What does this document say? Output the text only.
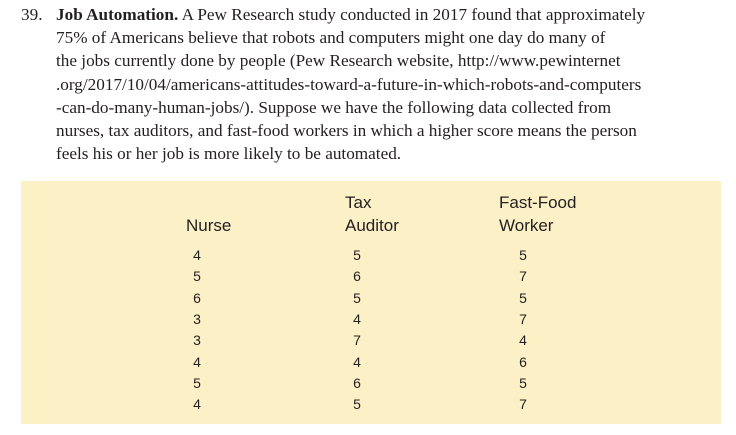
39. Job Automation. A Pew Research study conducted in 2017 found that approximately
75% of Americans believe that robots and computers might one day do many of
the jobs currently done by people (Pew Research website, http://www.pewinternet
.org/2017/10/04/americans-attitudes-toward-a-future-in-which-robots-and-computers
-can-do-many-human-jobs/). Suppose we have the following data collected from
nurses, tax auditors, and fast-food workers in which a higher score means the person
feels his or her job is more likely to be automated.
Nurse
4
5
6
3
3
4
5
4
Tax
Auditor
5
6
5
4
7
4
6
5
Fast-Food
Worker
5
7
5
7
4
6
5
7
